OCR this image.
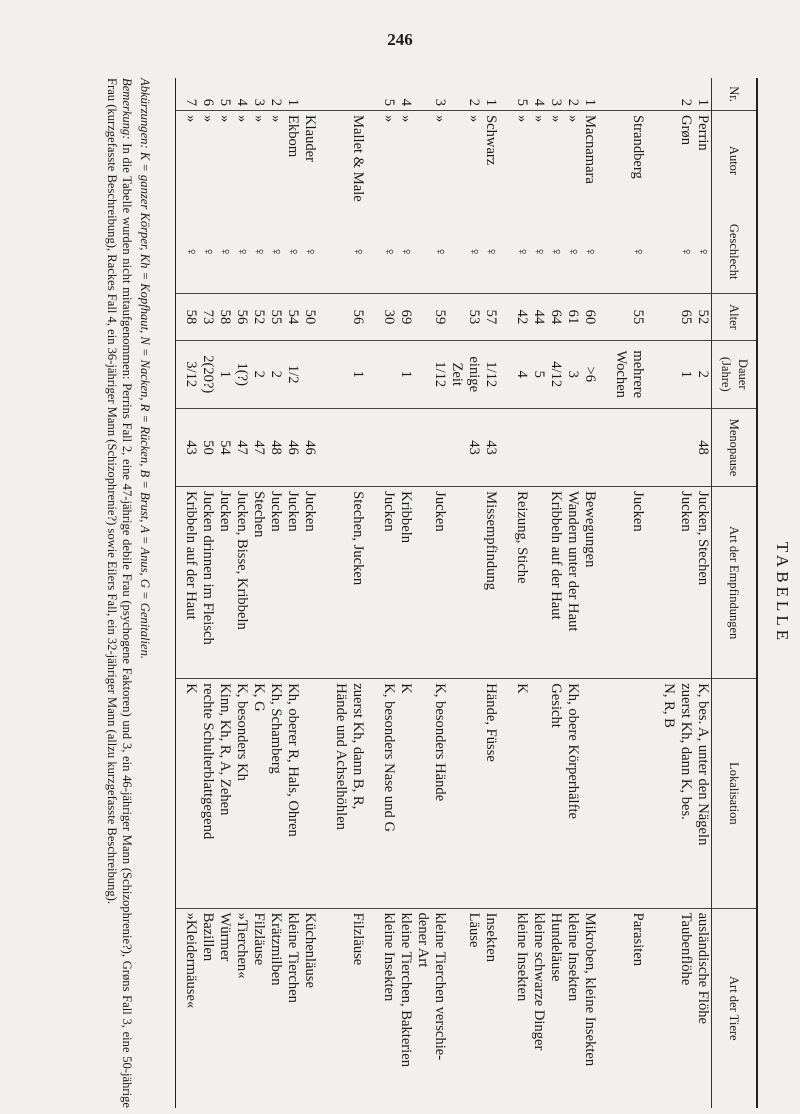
246
TABELLE
Nr.	Autor	Geschlecht	Alter	Dauer (Jahre)	Menopause	Art der Empfindungen	Lokalisation	Art der Tiere
1	Perrin	♀	52	2	48	Jucken, Stechen	K, bes. A, unter den Nägeln	ausländische Flöhe
2	Grøn	♀	65	1		Jucken	zuerst Kh, dann K, bes.	Taubenflöhe
							N, R, B	
	Strandberg	♀	55	mehrere		Jucken		Parasiten
				Wochen				
1	Macnamara	♀	60	>6		Bewegungen		Mikroben, kleine Insekten
2	»	♀	61	3		Wandern unter der Haut	Kh, obere Körperhälfte	kleine Insekten
3	»	♀	64	4/12		Kribbeln auf der Haut	Gesicht	Hundeläuse
4	»	♀	44	5				kleine schwarze Dinger
5	»	♀	42	4		Reizung, Stiche	K	kleine Insekten
1	Schwarz	♀	57	1/12	43	Missempfindung	Hände, Füsse	Insekten
2	»	♀	53	einige	43			Läuse
				Zeit				
3	»	♀	59	1/12		Jucken	K, besonders Hände	kleine Tierchen verschie-
								dener Art
4	»	♀	69	1		Kribbeln	K	kleine Tierchen, Bakterien
5	»	♀	30			Jucken	K, besonders Nase und G	kleine Insekten
	Mallet & Male	♀	56	1		Stechen, Jucken	zuerst Kh, dann B, R,	Filzläuse
							Hände und Achselhöhlen	
	Klauder	♀	50		46	Jucken		Küchenläuse
1	Ekbom	♀	54	1/2	46	Jucken	Kh, oberer R, Hals, Ohren	kleine Tierchen
2	»	♀	55	2	48	Jucken	Kh, Schamberg	Krätzmilben
3	»	♀	52	2	47	Stechen	K, G	Filzläuse
4	»	♀	56	1(?)	47	Jucken, Bisse, Kribbeln	K, besonders Kh	»Tierchen«
5	»	♀	58	1	54	Jucken	Kinn, Kh, R, A, Zehen	Würmer
6	»	♀	73	2(20?)	50	Jucken drinnen im Fleisch	rechte Schulterblattgegend	Bazillen
7	»	♀	58	3/12	43	Kribbeln auf der Haut	K	»Kleidermäuse«

Abkürzungen: K = ganzer Körper, Kh = Kopfhaut, N = Nacken, R = Rücken, B = Brust, A = Anus, G = Genitalien.

Bemerkung: In die Tabelle wurden nicht mitaufgenommen: Perrins Fall 2, eine 47-jährige debile Frau (psychogene Faktoren) und 3, ein 46-jähriger Mann (Schizophrenie?), Grøns Fall 3, eine 50-jährige Frau (kurzgefasste Beschreibung), Rackes Fall 4, ein 36-jähriger Mann (Schizophrenie?) sowie Eilers Fall, ein 32-jähriger Mann (allzu kurzgefasste Beschreibung).
